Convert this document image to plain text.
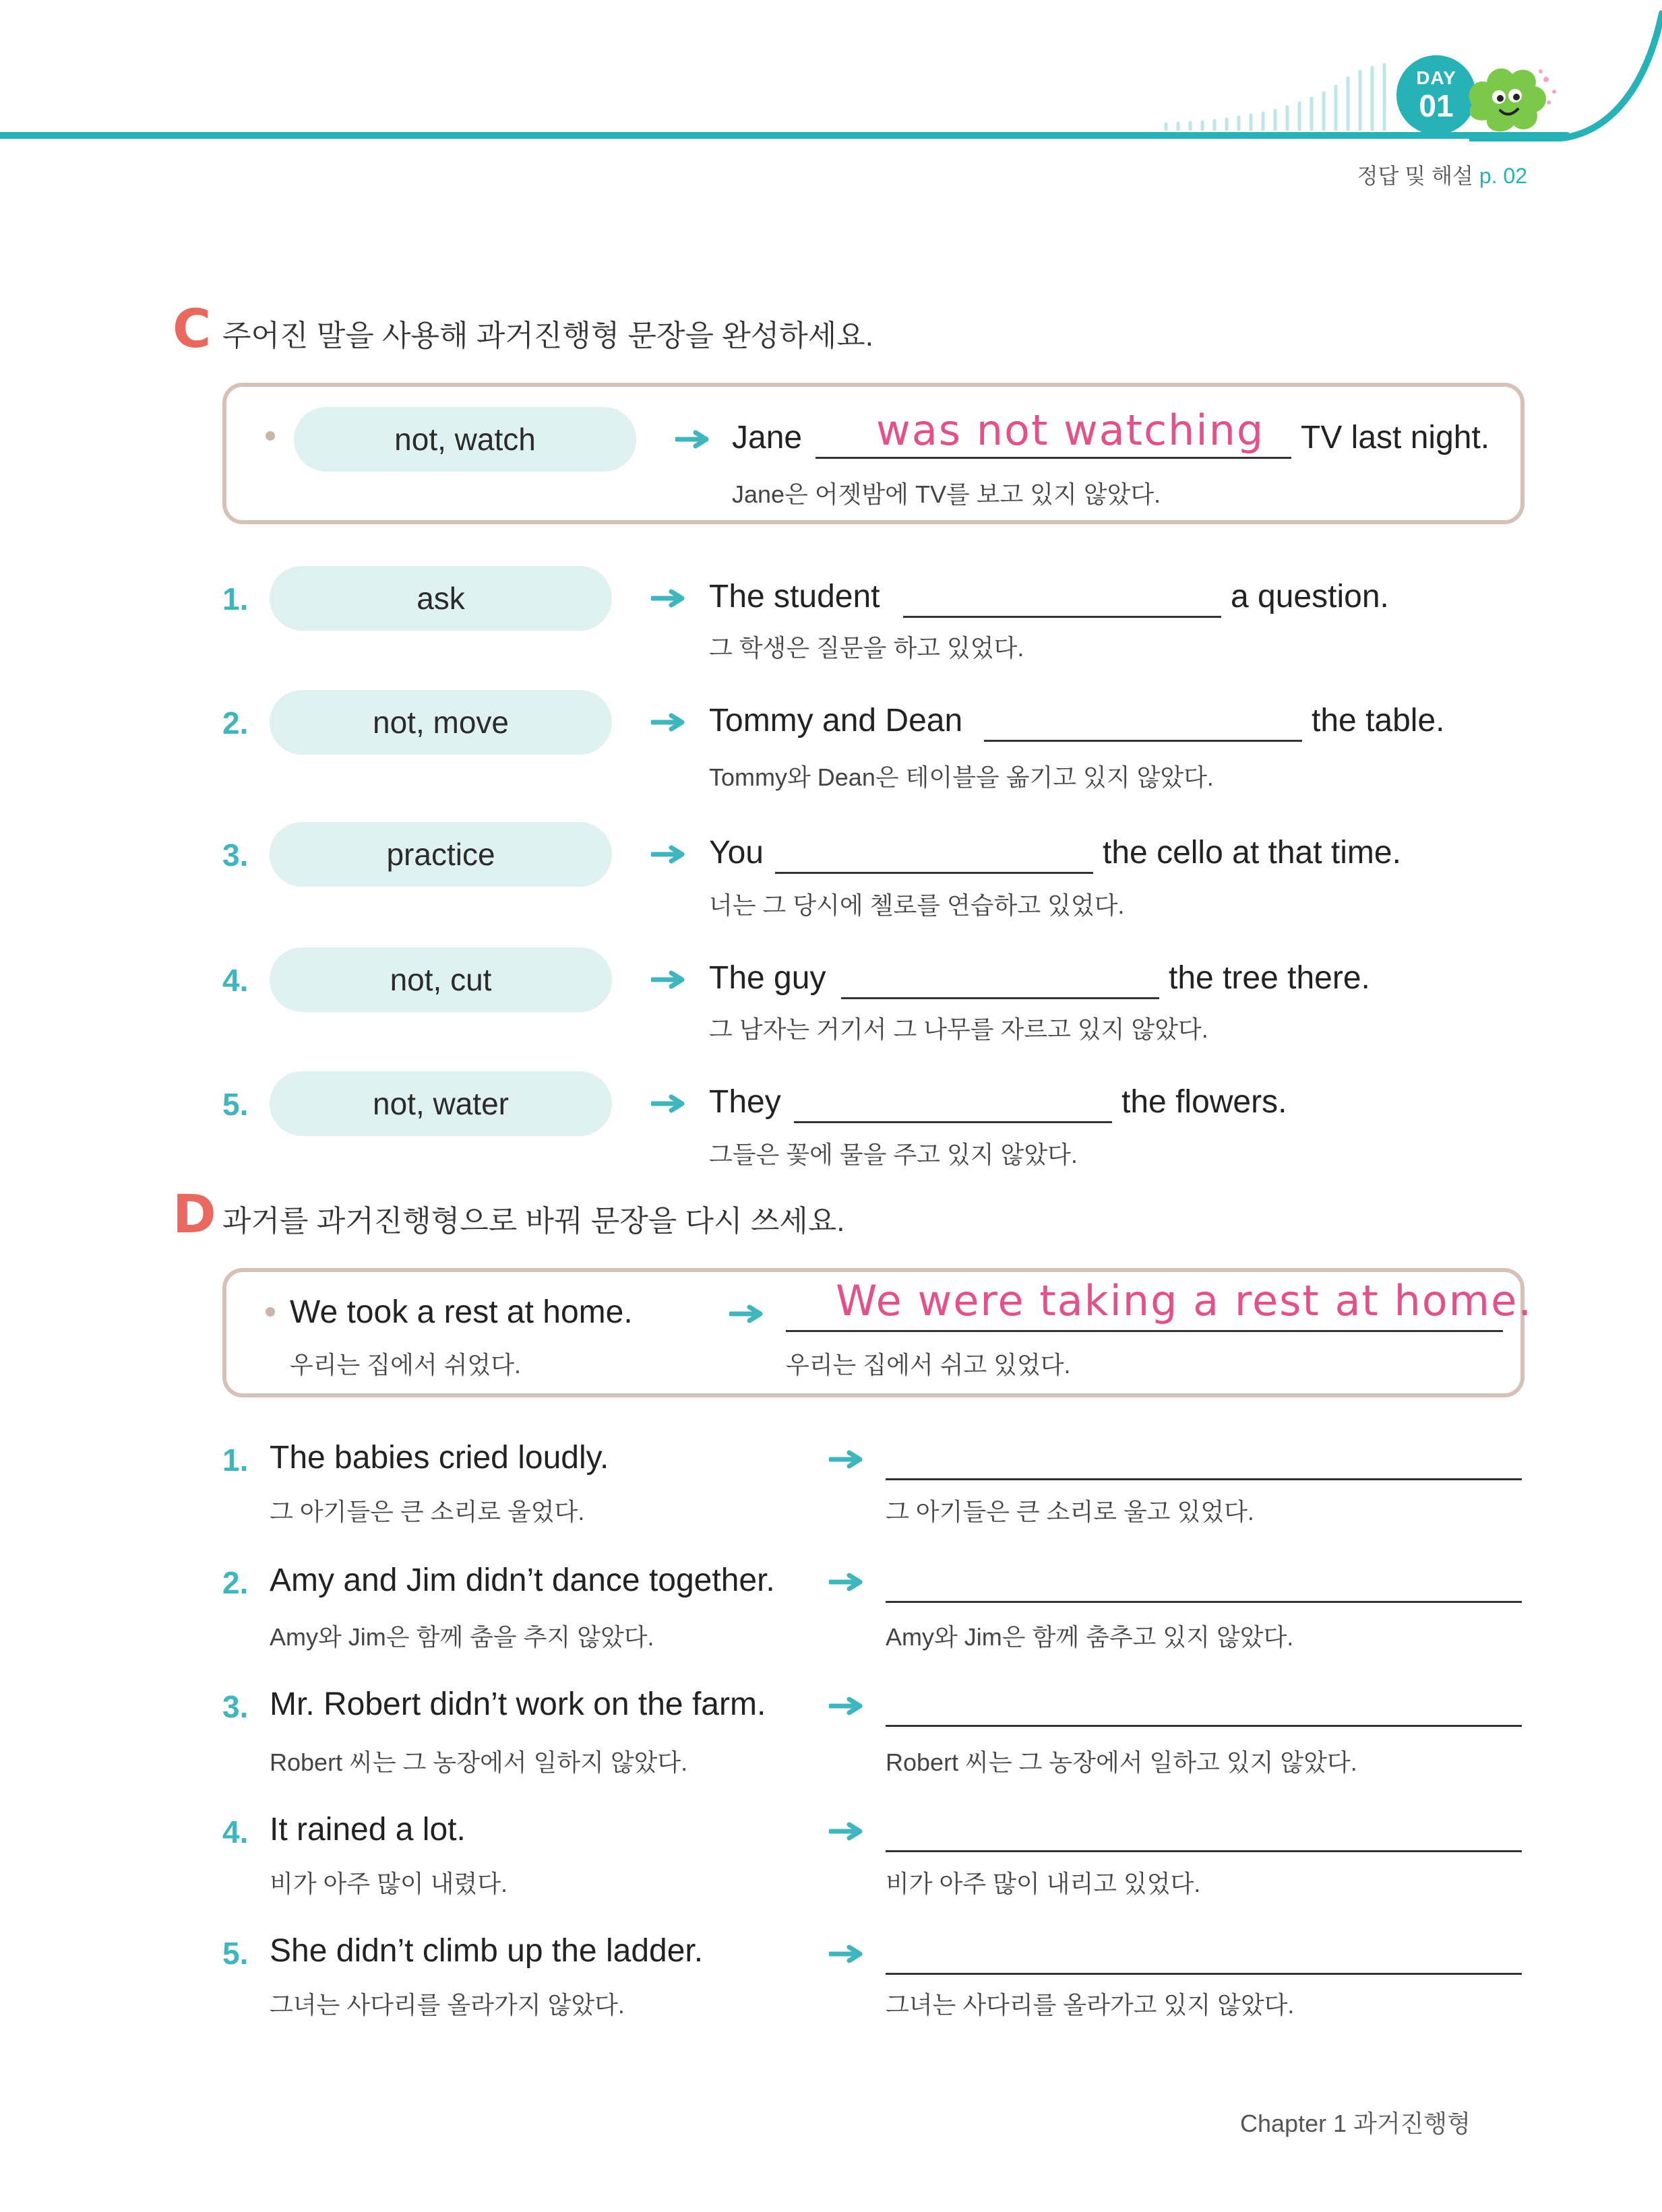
DAY
01
정답 및 해설 p. 02
C 주어진 말을 사용해 과거진행형 문장을 완성하세요.
not, watch	Jane was not watching TV last night.
Jane은 어젯밤에 TV를 보고 있지 않았다.
1.	ask	The student	a question.
그 학생은 질문을 하고 있었다.
2.	not, move	Tommy and Dean	the table.
Tommy와 Dean은 테이블을 옮기고 있지 않았다.
3.	practice	You	the cello at that time.
너는 그 당시에 첼로를 연습하고 있었다.
4.	not, cut	The guy	the tree there.
그 남자는 거기서 그 나무를 자르고 있지 않았다.
5.	not, water	They	the flowers.
그들은 꽃에 물을 주고 있지 않았다.
D 과거를 과거진행형으로 바꿔 문장을 다시 쓰세요.
We took a rest at home.
우리는 집에서 쉬었다.
We were taking a rest at home.
우리는 집에서 쉬고 있었다.
1. The babies cried loudly.
그 아기들은 큰 소리로 울었다.	그 아기들은 큰 소리로 울고 있었다.
2. Amy and Jim didn’t dance together.
Amy와 Jim은 함께 춤을 추지 않았다.	Amy와 Jim은 함께 춤추고 있지 않았다.
3. Mr. Robert didn’t work on the farm.
Robert 씨는 그 농장에서 일하지 않았다.	Robert 씨는 그 농장에서 일하고 있지 않았다.
4. It rained a lot.
비가 아주 많이 내렸다.	비가 아주 많이 내리고 있었다.
5. She didn’t climb up the ladder.
그녀는 사다리를 올라가지 않았다.	그녀는 사다리를 올라가고 있지 않았다.
Chapter 1 과거진행형
